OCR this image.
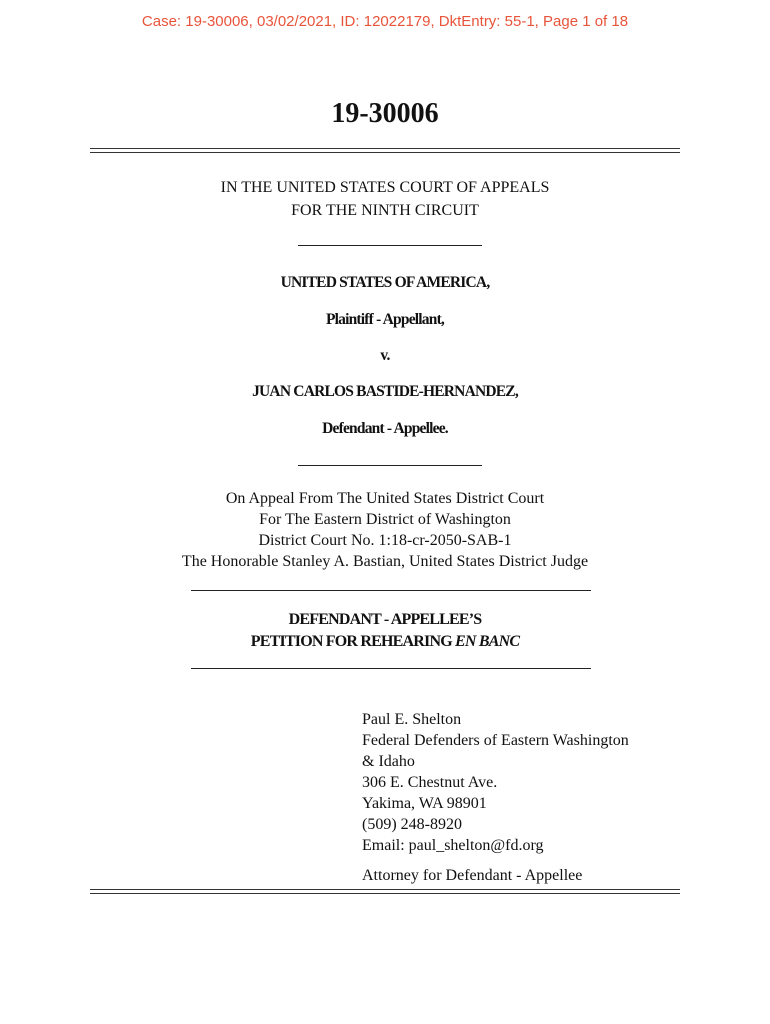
Case: 19-30006, 03/02/2021, ID: 12022179, DktEntry: 55-1, Page 1 of 18
19-30006
IN THE UNITED STATES COURT OF APPEALS
FOR THE NINTH CIRCUIT
UNITED STATES OF AMERICA,
Plaintiff - Appellant,
v.
JUAN CARLOS BASTIDE-HERNANDEZ,
Defendant - Appellee.
On Appeal From The United States District Court
For The Eastern District of Washington
District Court No. 1:18-cr-2050-SAB-1
The Honorable Stanley A. Bastian, United States District Judge
DEFENDANT - APPELLEE’S
PETITION FOR REHEARING EN BANC
Paul E. Shelton
Federal Defenders of Eastern Washington
& Idaho
306 E. Chestnut Ave.
Yakima, WA 98901
(509) 248-8920
Email: paul_shelton@fd.org
Attorney for Defendant - Appellee
